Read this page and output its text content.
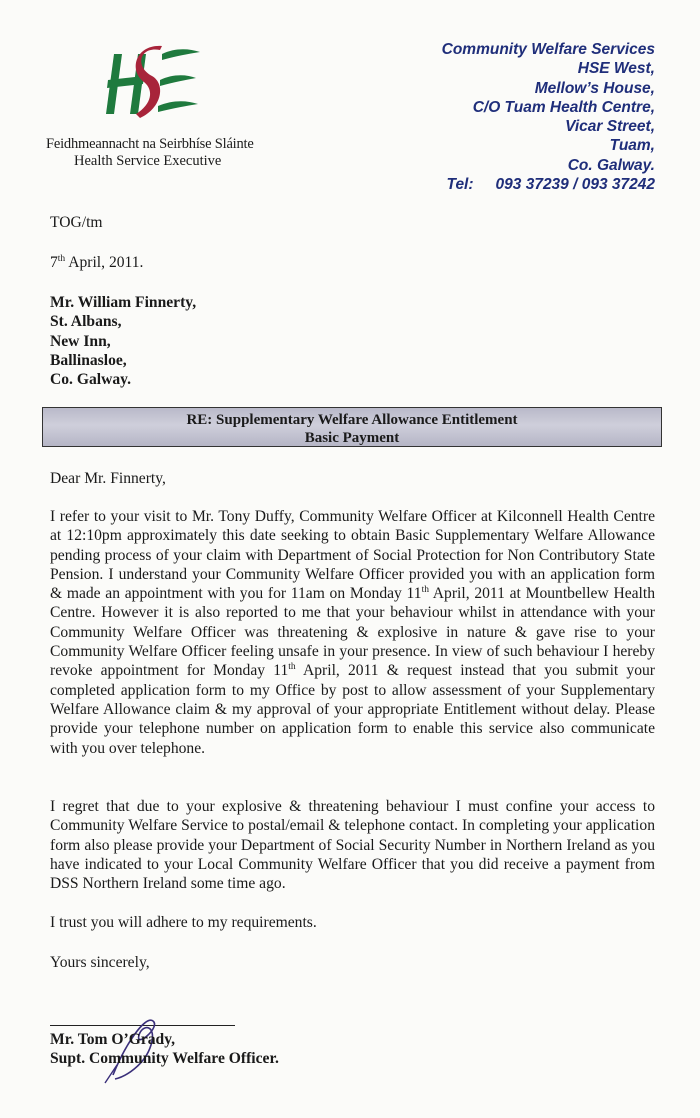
Feidhmeannacht na Seirbhíse Sláinte
Health Service Executive
Community Welfare Services
HSE West,
Mellow’s House,
C/O Tuam Health Centre,
Vicar Street,
Tuam,
Co. Galway.
Tel: 093 37239 / 093 37242
TOG/tm
7th April, 2011.
Mr. William Finnerty,
St. Albans,
New Inn,
Ballinasloe,
Co. Galway.
RE: Supplementary Welfare Allowance Entitlement
Basic Payment
Dear Mr. Finnerty,
I refer to your visit to Mr. Tony Duffy, Community Welfare Officer at Kilconnell Health Centre at 12:10pm approximately this date seeking to obtain Basic Supplementary Welfare Allowance pending process of your claim with Department of Social Protection for Non Contributory State Pension. I understand your Community Welfare Officer provided you with an application form & made an appointment with you for 11am on Monday 11th April, 2011 at Mountbellew Health Centre. However it is also reported to me that your behaviour whilst in attendance with your Community Welfare Officer was threatening & explosive in nature & gave rise to your Community Welfare Officer feeling unsafe in your presence. In view of such behaviour I hereby revoke appointment for Monday 11th April, 2011 & request instead that you submit your completed application form to my Office by post to allow assessment of your Supplementary Welfare Allowance claim & my approval of your appropriate Entitlement without delay. Please provide your telephone number on application form to enable this service also communicate with you over telephone.
I regret that due to your explosive & threatening behaviour I must confine your access to Community Welfare Service to postal/email & telephone contact. In completing your application form also please provide your Department of Social Security Number in Northern Ireland as you have indicated to your Local Community Welfare Officer that you did receive a payment from DSS Northern Ireland some time ago.
I trust you will adhere to my requirements.
Yours sincerely,
Mr. Tom O’Grady,
Supt. Community Welfare Officer.
